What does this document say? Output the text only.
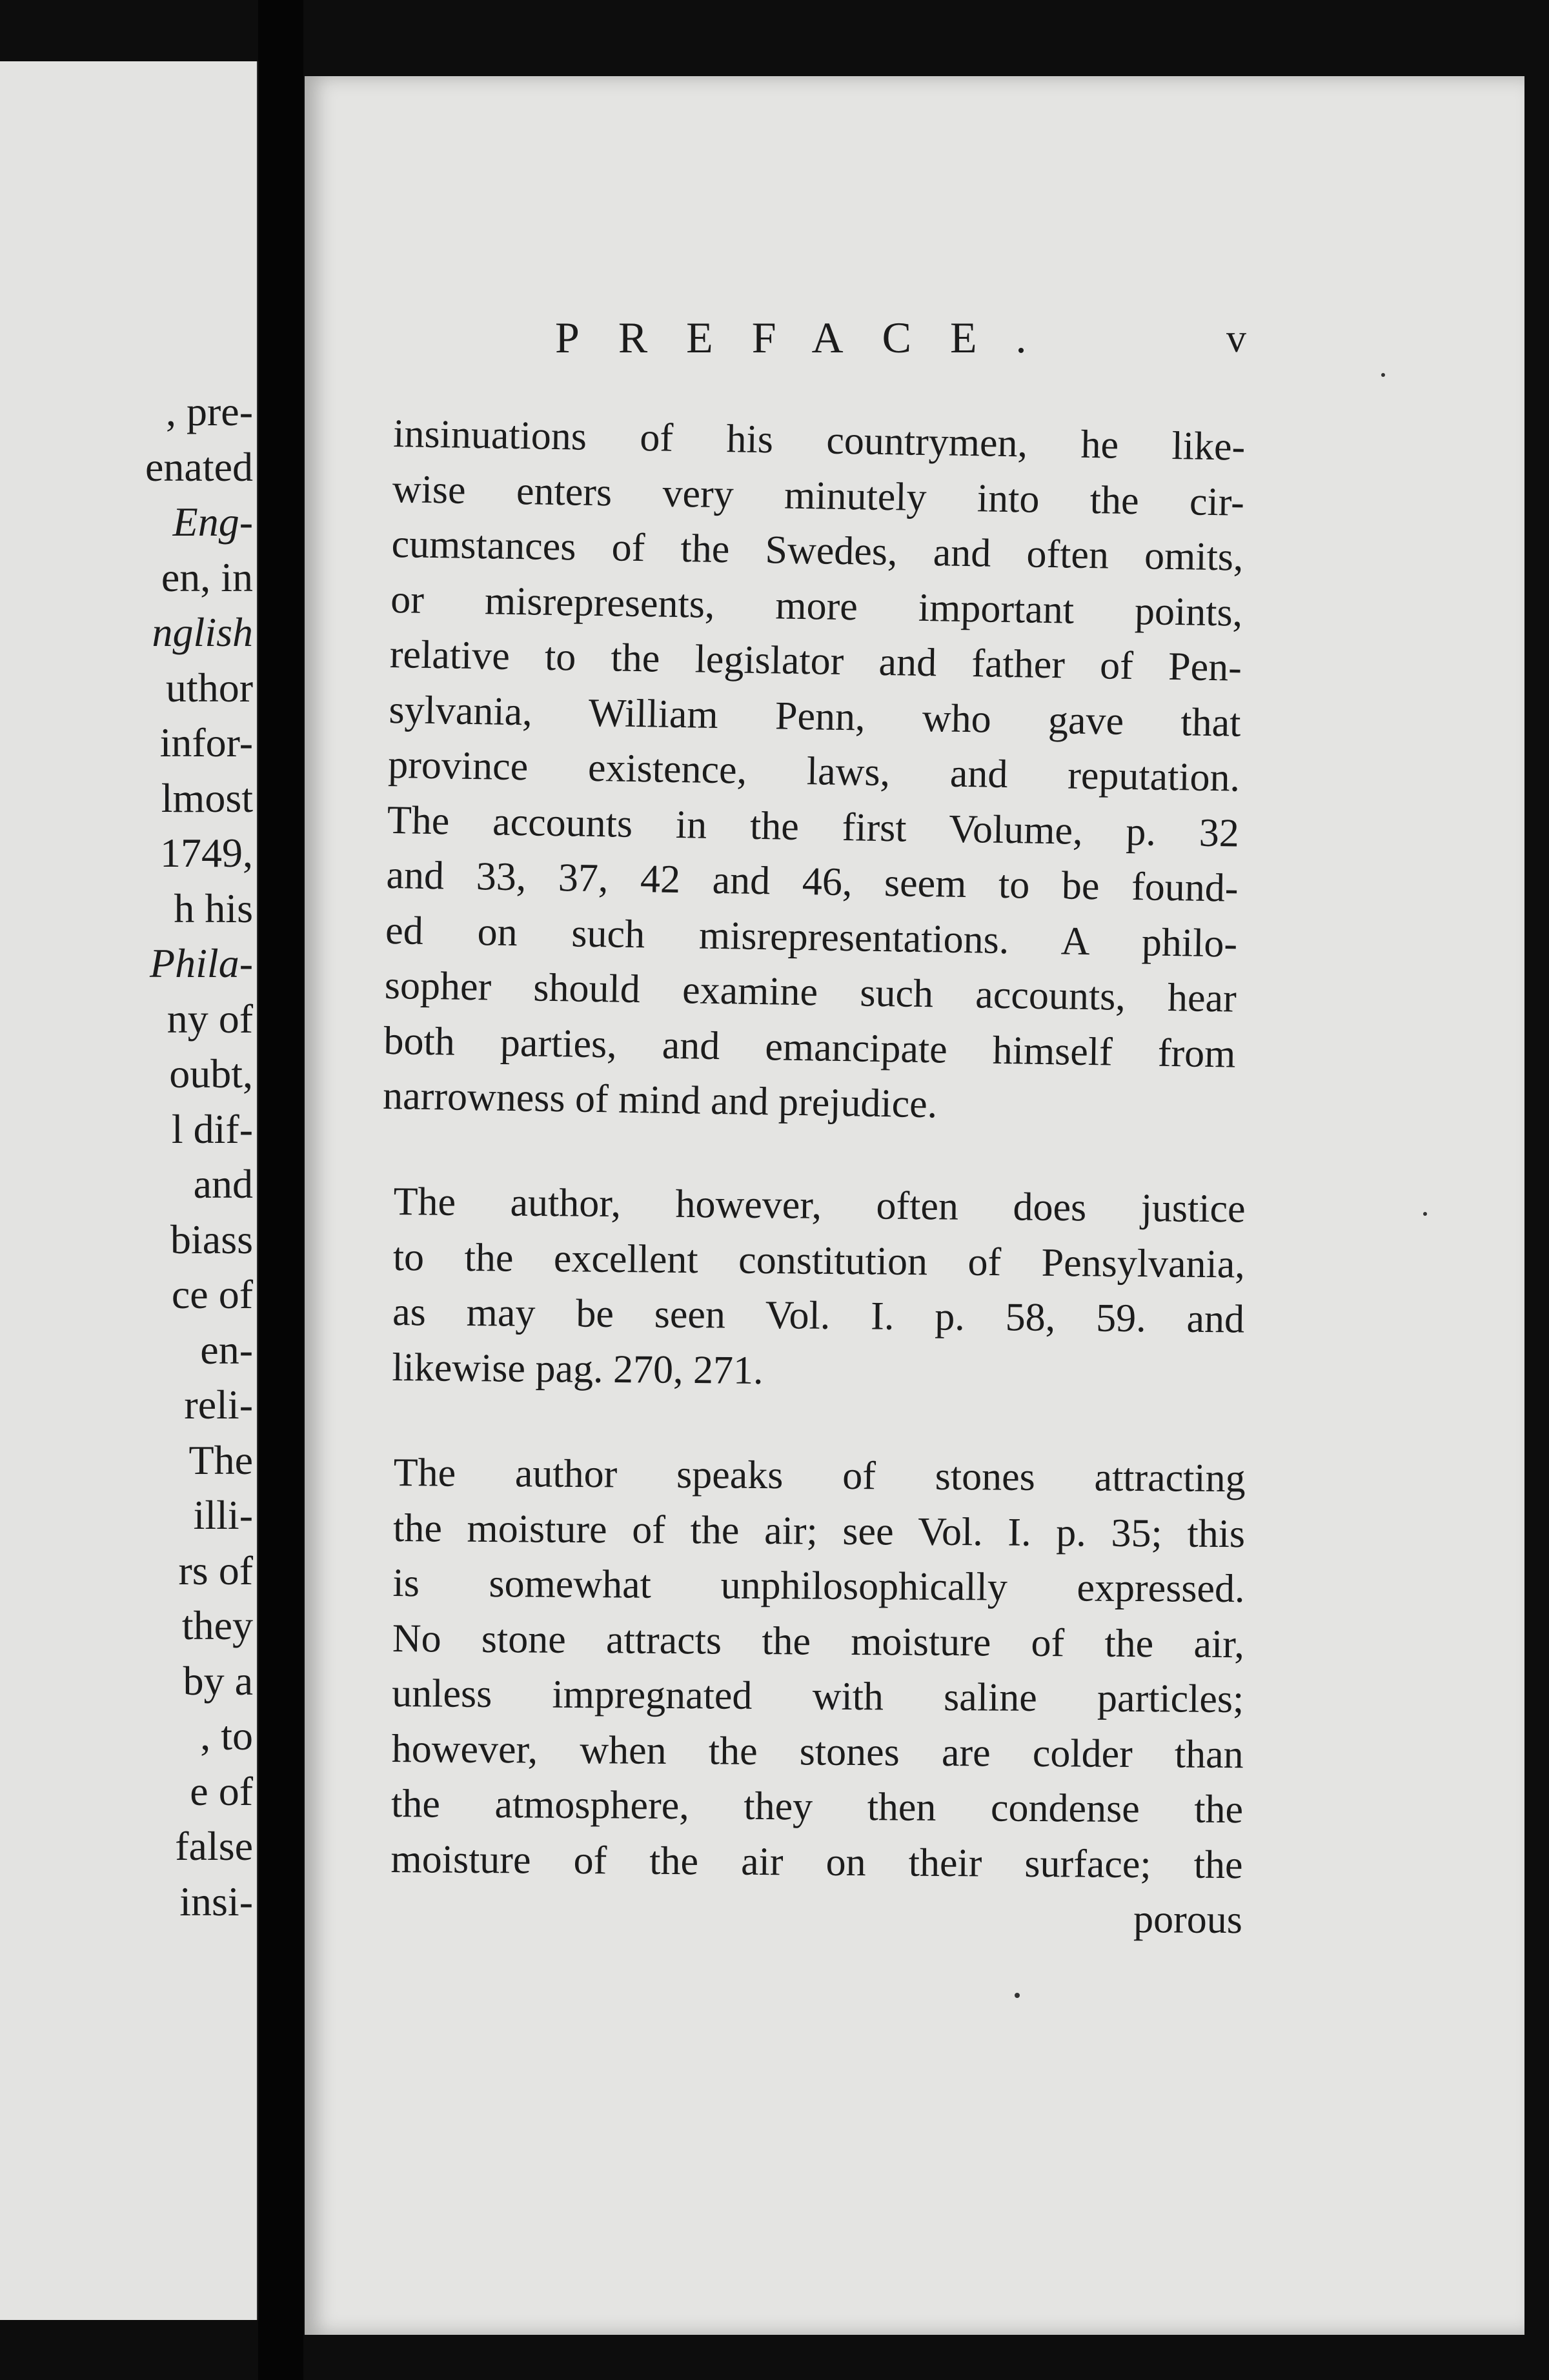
, pre-
enated
Eng-
en, in
nglish
uthor
infor-
lmost
1749,
h his
Phila-
ny of
oubt,
l dif-
and
biass
ce of
en-
reli-
The
illi-
rs of
they
by a
, to
e of
false
insi-
PREFACE.	v
insinuations of his countrymen, he like-
wise enters very minutely into the cir-
cumstances of the Swedes, and often omits,
or misrepresents, more important points,
relative to the legislator and father of Pen-
sylvania, William Penn, who gave that
province existence, laws, and reputation.
The accounts in the first Volume, p. 32
and 33, 37, 42 and 46, seem to be found-
ed on such misrepresentations. A philo-
sopher should examine such accounts, hear
both parties, and emancipate himself from
narrowness of mind and prejudice.
The author, however, often does justice
to the excellent constitution of Pensylvania,
as may be seen Vol. I. p. 58, 59. and
likewise pag. 270, 271.
The author speaks of stones attracting
the moisture of the air; see Vol. I. p. 35; this
is somewhat unphilosophically expressed.
No stone attracts the moisture of the air,
unless impregnated with saline particles;
however, when the stones are colder than
the atmosphere, they then condense the
moisture of the air on their surface; the
porous
